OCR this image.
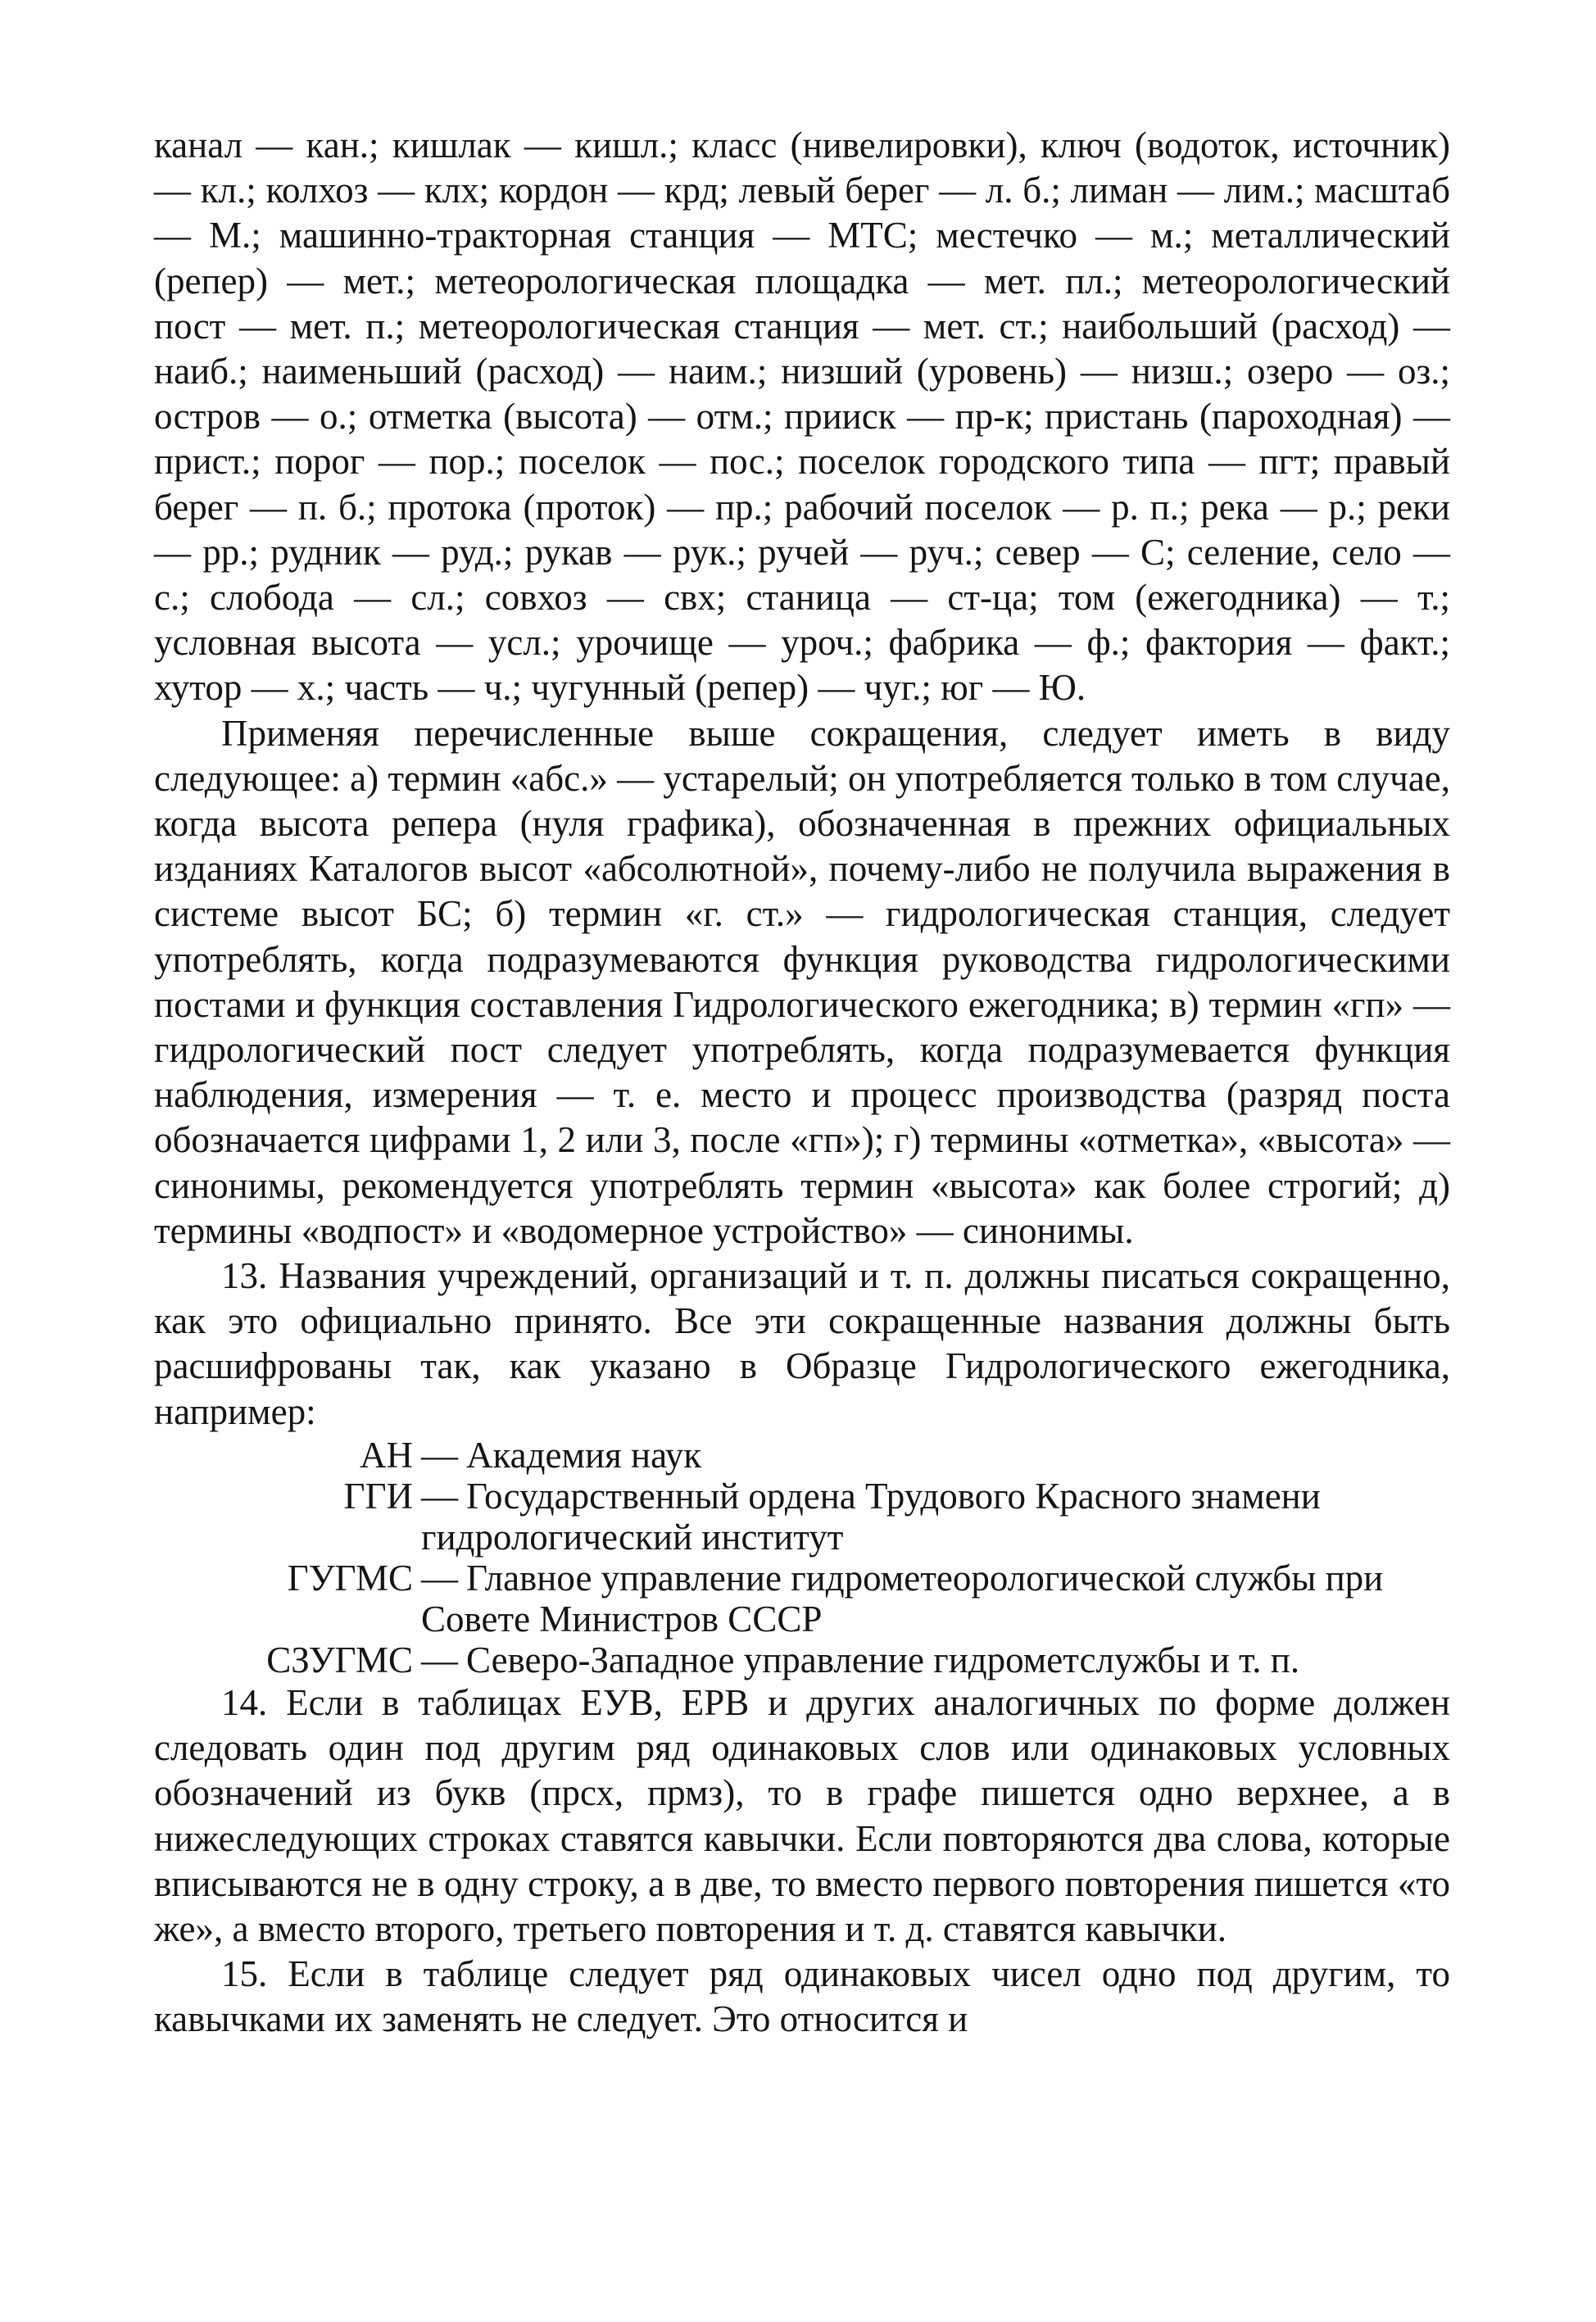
канал — кан.; кишлак — кишл.; класс (нивелировки), ключ (водоток, источник) — кл.; колхоз — клх; кордон — крд; левый берег — л. б.; лиман — лим.; масштаб — М.; машинно-тракторная станция — МТС; местечко — м.; металлический (репер) — мет.; метеорологическая площадка — мет. пл.; метеорологический пост — мет. п.; метеорологическая станция — мет. ст.; наибольший (расход) — наиб.; наименьший (расход) — наим.; низший (уровень) — низш.; озеро — оз.; остров — о.; отметка (высота) — отм.; прииск — пр-к; пристань (пароходная) — прист.; порог — пор.; поселок — пос.; поселок городского типа — пгт; правый берег — п. б.; протока (проток) — пр.; рабочий поселок — р. п.; река — р.; реки — рр.; рудник — руд.; рукав — рук.; ручей — руч.; север — С; селение, село — с.; слобода — сл.; совхоз — свх; станица — ст-ца; том (ежегодника) — т.; условная высота — усл.; урочище — уроч.; фабрика — ф.; фактория — факт.; хутор — х.; часть — ч.; чугунный (репер) — чуг.; юг — Ю.

Применяя перечисленные выше сокращения, следует иметь в виду следующее: а) термин «абс.» — устарелый; он употребляется только в том случае, когда высота репера (нуля графика), обозначенная в прежних официальных изданиях Каталогов высот «абсолютной», почему-либо не получила выражения в системе высот БС; б) термин «г. ст.» — гидрологическая станция, следует употреблять, когда подразумеваются функция руководства гидрологическими постами и функция составления Гидрологического ежегодника; в) термин «гп» — гидрологический пост следует употреблять, когда подразумевается функция наблюдения, измерения — т. е. место и процесс производства (разряд поста обозначается цифрами 1, 2 или 3, после «гп»); г) термины «отметка», «высота» — синонимы, рекомендуется употреблять термин «высота» как более строгий; д) термины «водпост» и «водомерное устройство» — синонимы.

13. Названия учреждений, организаций и т. п. должны писаться сокращенно, как это официально принято. Все эти сокращенные названия должны быть расшифрованы так, как указано в Образце Гидрологического ежегодника, например:

АН — Академия наук
ГГИ — Государственный ордена Трудового Красного знамени гидрологический институт
ГУГМС — Главное управление гидрометеорологической службы при Совете Министров СССР
СЗУГМС — Северо-Западное управление гидрометслужбы и т. п.

14. Если в таблицах ЕУВ, ЕРВ и других аналогичных по форме должен следовать один под другим ряд одинаковых слов или одинаковых условных обозначений из букв (прсх, прмз), то в графе пишется одно верхнее, а в нижеследующих строках ставятся кавычки. Если повторяются два слова, которые вписываются не в одну строку, а в две, то вместо первого повторения пишется «то же», а вместо второго, третьего повторения и т. д. ставятся кавычки.

15. Если в таблице следует ряд одинаковых чисел одно под другим, то кавычками их заменять не следует. Это относится и
